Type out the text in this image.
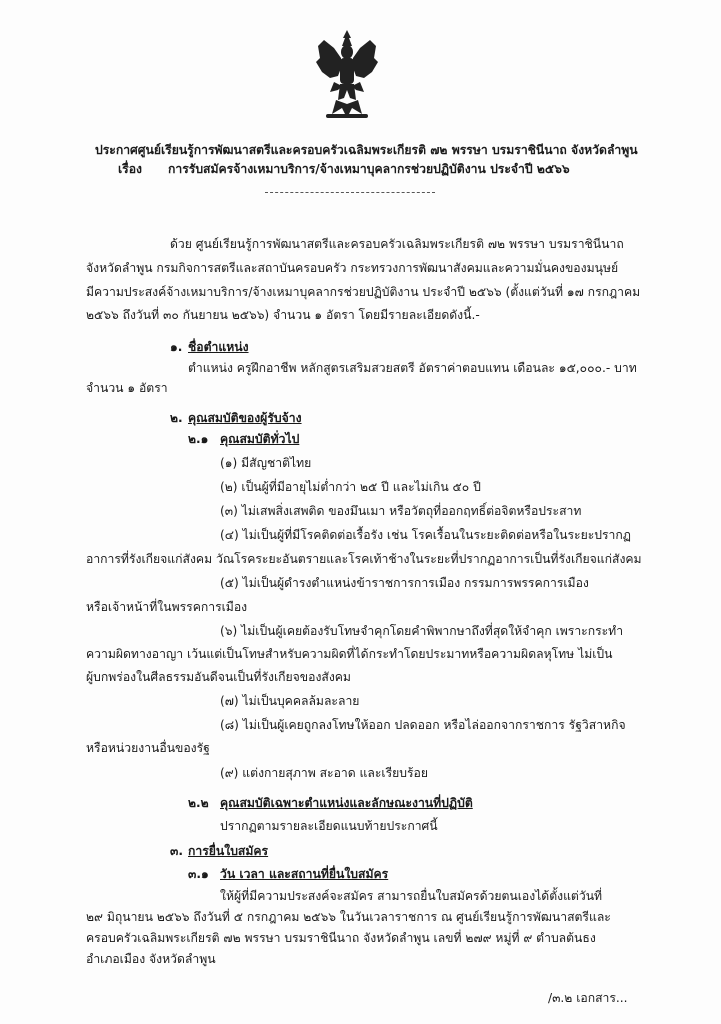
ประกาศศูนย์เรียนรู้การพัฒนาสตรีและครอบครัวเฉลิมพระเกียรติ ๗๒ พรรษา บรมราชินีนาถ จังหวัดลำพูน
เรื่อง การรับสมัครจ้างเหมาบริการ/จ้างเหมาบุคลากรช่วยปฏิบัติงาน ประจำปี ๒๕๖๖
ด้วย ศูนย์เรียนรู้การพัฒนาสตรีและครอบครัวเฉลิมพระเกียรติ ๗๒ พรรษา บรมราชินีนาถ
จังหวัดลำพูน กรมกิจการสตรีและสถาบันครอบครัว กระทรวงการพัฒนาสังคมและความมั่นคงของมนุษย์
มีความประสงค์จ้างเหมาบริการ/จ้างเหมาบุคลากรช่วยปฏิบัติงาน ประจำปี ๒๕๖๖ (ตั้งแต่วันที่ ๑๗ กรกฎาคม
๒๕๖๖ ถึงวันที่ ๓๐ กันยายน ๒๕๖๖) จำนวน ๑ อัตรา โดยมีรายละเอียดดังนี้.-
๑. ชื่อตำแหน่ง
ตำแหน่ง ครูฝึกอาชีพ หลักสูตรเสริมสวยสตรี อัตราค่าตอบแทน เดือนละ ๑๕,๐๐๐.- บาท
จำนวน ๑ อัตรา
๒. คุณสมบัติของผู้รับจ้าง
๒.๑ คุณสมบัติทั่วไป
(๑) มีสัญชาติไทย
(๒) เป็นผู้ที่มีอายุไม่ต่ำกว่า ๒๕ ปี และไม่เกิน ๕๐ ปี
(๓) ไม่เสพสิ่งเสพติด ของมึนเมา หรือวัตถุที่ออกฤทธิ์ต่อจิตหรือประสาท
(๔) ไม่เป็นผู้ที่มีโรคติดต่อเรื้อรัง เช่น โรคเรื้อนในระยะติดต่อหรือในระยะปรากฏ
อาการที่รังเกียจแก่สังคม วัณโรคระยะอันตรายและโรคเท้าช้างในระยะที่ปรากฏอาการเป็นที่รังเกียจแก่สังคม
(๕) ไม่เป็นผู้ดำรงตำแหน่งข้าราชการการเมือง กรรมการพรรคการเมือง
หรือเจ้าหน้าที่ในพรรคการเมือง
(๖) ไม่เป็นผู้เคยต้องรับโทษจำคุกโดยคำพิพากษาถึงที่สุดให้จำคุก เพราะกระทำ
ความผิดทางอาญา เว้นแต่เป็นโทษสำหรับความผิดที่ได้กระทำโดยประมาทหรือความผิดลหุโทษ ไม่เป็น
ผู้บกพร่องในศีลธรรมอันดีจนเป็นที่รังเกียจของสังคม
(๗) ไม่เป็นบุคคลล้มละลาย
(๘) ไม่เป็นผู้เคยถูกลงโทษให้ออก ปลดออก หรือไล่ออกจากราชการ รัฐวิสาหกิจ
หรือหน่วยงานอื่นของรัฐ
(๙) แต่งกายสุภาพ สะอาด และเรียบร้อย
๒.๒ คุณสมบัติเฉพาะตำแหน่งและลักษณะงานที่ปฏิบัติ
ปรากฏตามรายละเอียดแนบท้ายประกาศนี้
๓. การยื่นใบสมัคร
๓.๑ วัน เวลา และสถานที่ยื่นใบสมัคร
ให้ผู้ที่มีความประสงค์จะสมัคร สามารถยื่นใบสมัครด้วยตนเองได้ตั้งแต่วันที่
๒๙ มิถุนายน ๒๕๖๖ ถึงวันที่ ๕ กรกฎาคม ๒๕๖๖ ในวันเวลาราชการ ณ ศูนย์เรียนรู้การพัฒนาสตรีและ
ครอบครัวเฉลิมพระเกียรติ ๗๒ พรรษา บรมราชินีนาถ จังหวัดลำพูน เลขที่ ๒๗๙ หมู่ที่ ๙ ตำบลต้นธง
อำเภอเมือง จังหวัดลำพูน
/๓.๒ เอกสาร...
